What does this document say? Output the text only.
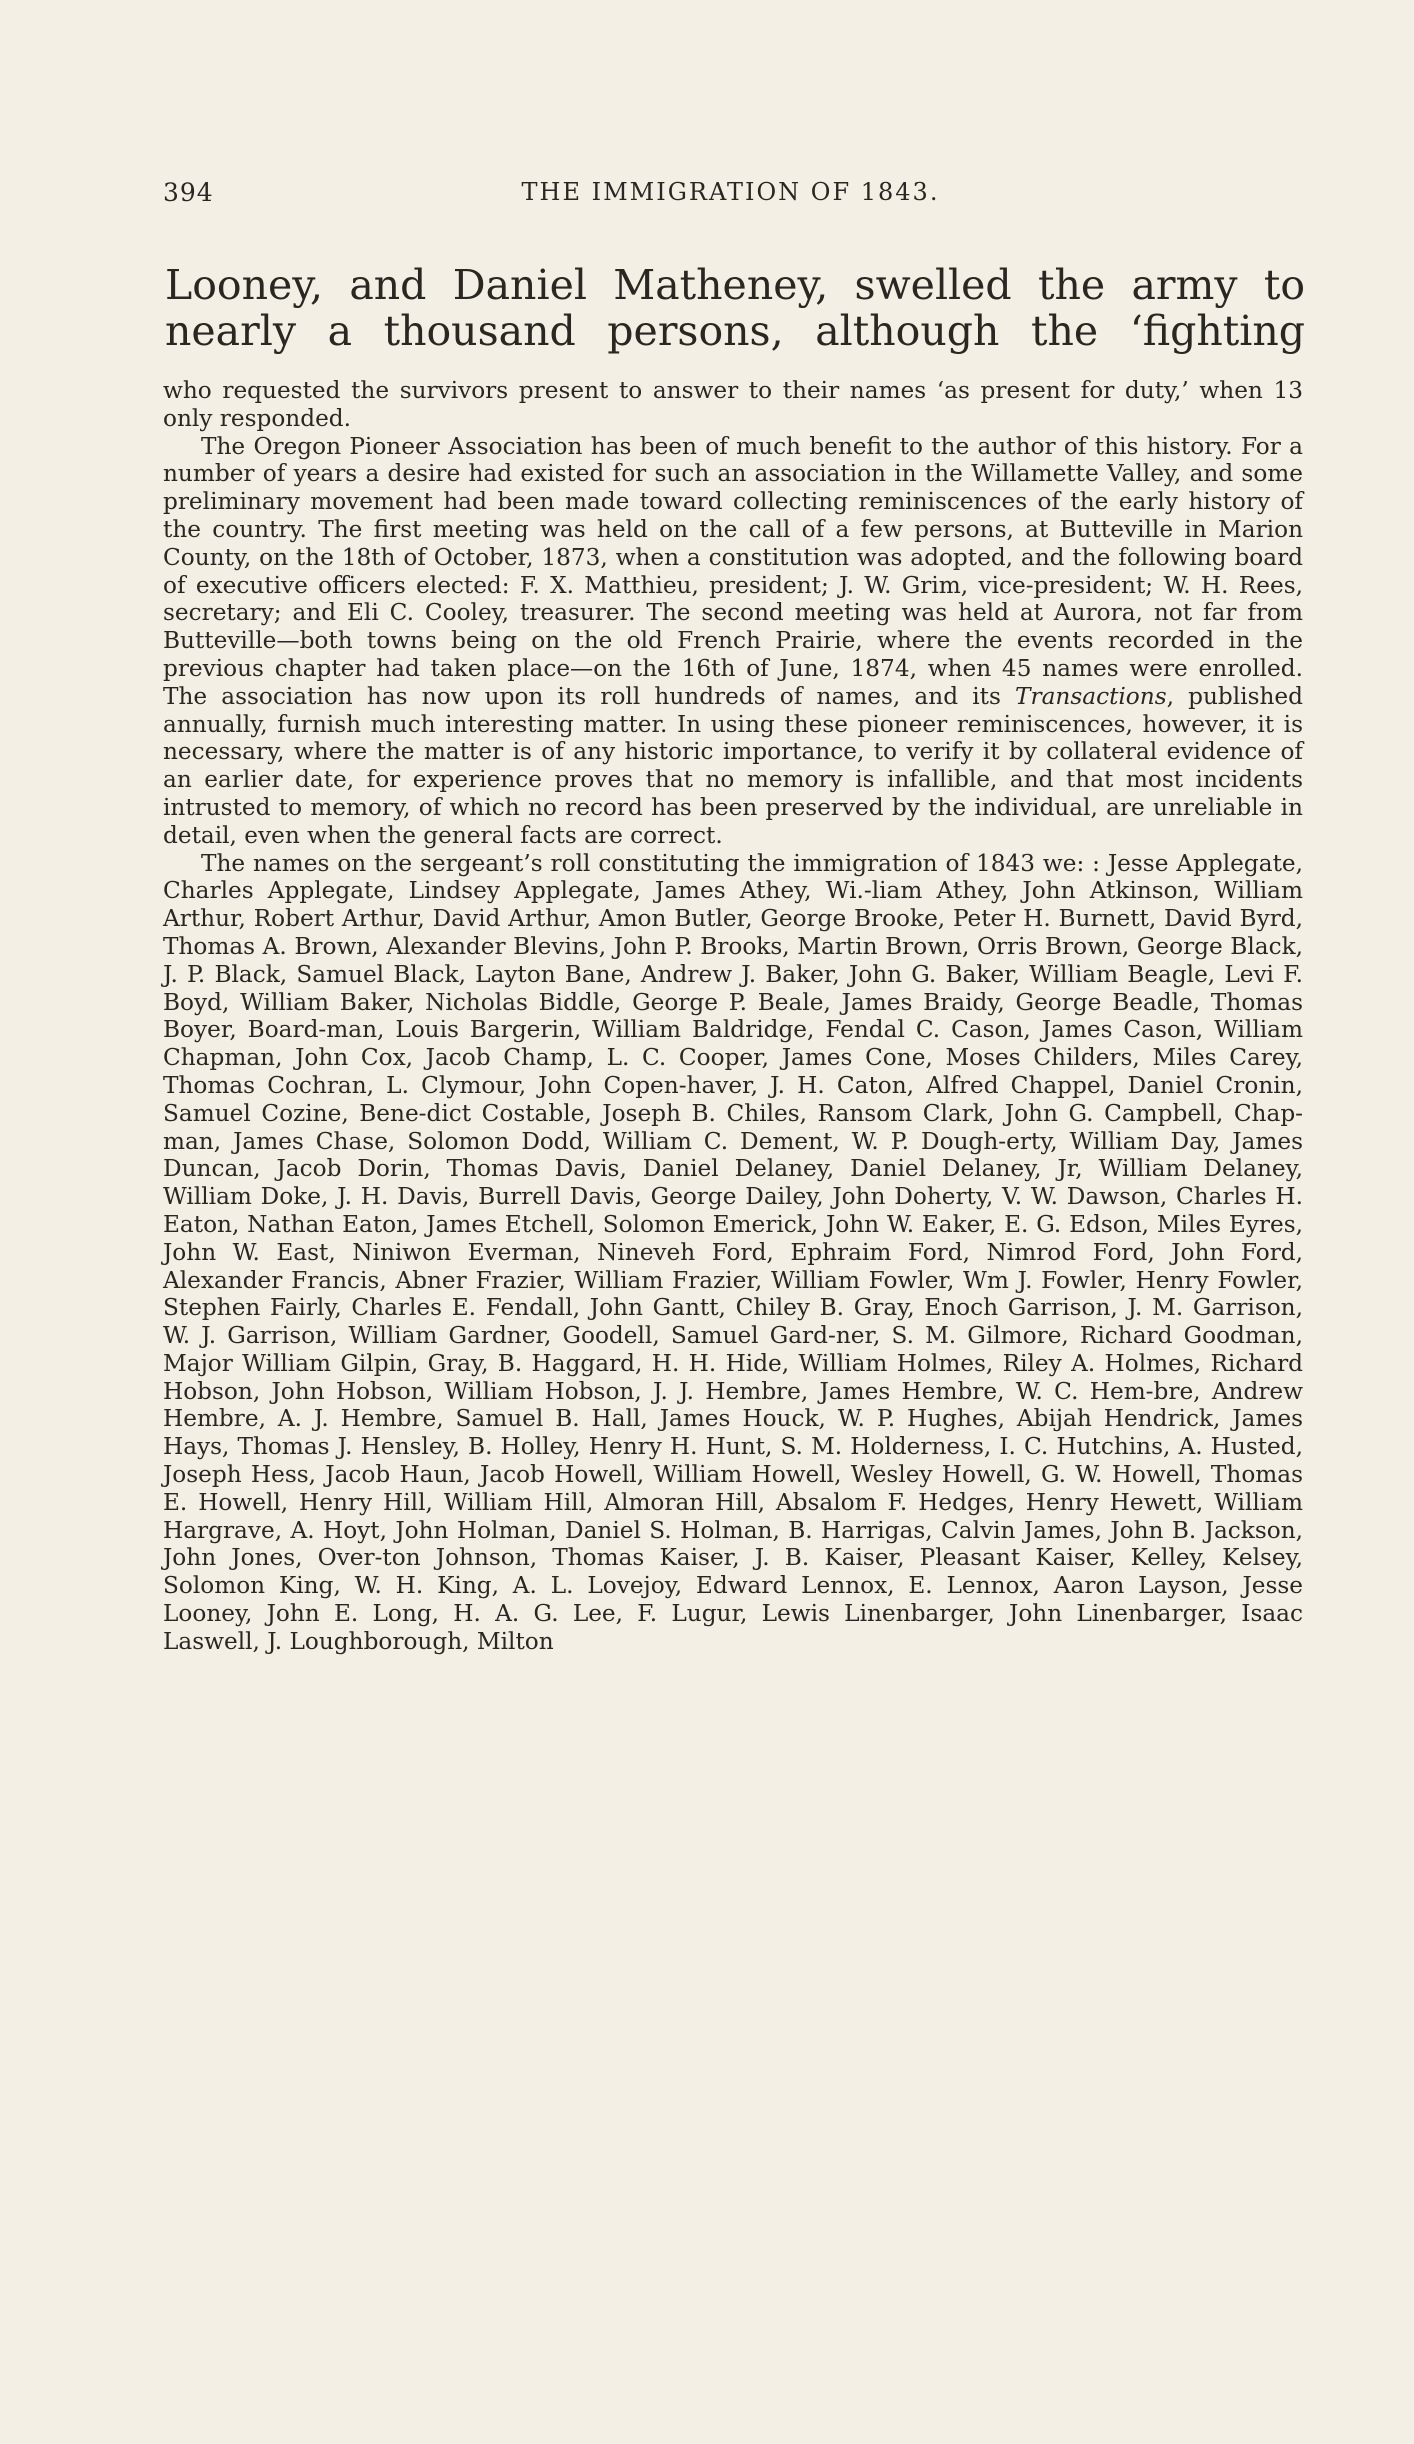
394	THE IMMIGRATION OF 1843.
Looney, and Daniel Matheney, swelled the army to
nearly a thousand persons, although the ‘fighting

who requested the survivors present to answer to their names ‘as present for duty,’ when 13 only responded.

The Oregon Pioneer Association has been of much benefit to the author of this history. For a number of years a desire had existed for such an association in the Willamette Valley, and some preliminary movement had been made toward collecting reminiscences of the early history of the country. The first meeting was held on the call of a few persons, at Butteville in Marion County, on the 18th of October, 1873, when a constitution was adopted, and the following board of executive officers elected: F. X. Matthieu, president; J. W. Grim, vice-president; W. H. Rees, secretary; and Eli C. Cooley, treasurer. The second meeting was held at Aurora, not far from Butteville—both towns being on the old French Prairie, where the events recorded in the previous chapter had taken place—on the 16th of June, 1874, when 45 names were enrolled. The association has now upon its roll hundreds of names, and its Transactions, published annually, furnish much interesting matter. In using these pioneer reminiscences, however, it is necessary, where the matter is of any historic importance, to verify it by collateral evidence of an earlier date, for experience proves that no memory is infallible, and that most incidents intrusted to memory, of which no record has been preserved by the individual, are unreliable in detail, even when the general facts are correct.

The names on the sergeant’s roll constituting the immigration of 1843 we: : Jesse Applegate, Charles Applegate, Lindsey Applegate, James Athey, Wi.-liam Athey, John Atkinson, William Arthur, Robert Arthur, David Arthur, Amon Butler, George Brooke, Peter H. Burnett, David Byrd, Thomas A. Brown, Alexander Blevins, John P. Brooks, Martin Brown, Orris Brown, George Black, J. P. Black, Samuel Black, Layton Bane, Andrew J. Baker, John G. Baker, William Beagle, Levi F. Boyd, William Baker, Nicholas Biddle, George P. Beale, James Braidy, George Beadle, Thomas Boyer, Board-man, Louis Bargerin, William Baldridge, Fendal C. Cason, James Cason, William Chapman, John Cox, Jacob Champ, L. C. Cooper, James Cone, Moses Childers, Miles Carey, Thomas Cochran, L. Clymour, John Copen-haver, J. H. Caton, Alfred Chappel, Daniel Cronin, Samuel Cozine, Bene-dict Costable, Joseph B. Chiles, Ransom Clark, John G. Campbell, Chap-man, James Chase, Solomon Dodd, William C. Dement, W. P. Dough-erty, William Day, James Duncan, Jacob Dorin, Thomas Davis, Daniel Delaney, Daniel Delaney, Jr, William Delaney, William Doke, J. H. Davis, Burrell Davis, George Dailey, John Doherty, V. W. Dawson, Charles H. Eaton, Nathan Eaton, James Etchell, Solomon Emerick, John W. Eaker, E. G. Edson, Miles Eyres, John W. East, Niniwon Everman, Nineveh Ford, Ephraim Ford, Nimrod Ford, John Ford, Alexander Francis, Abner Frazier, William Frazier, William Fowler, Wm J. Fowler, Henry Fowler, Stephen Fairly, Charles E. Fendall, John Gantt, Chiley B. Gray, Enoch Garrison, J. M. Garrison, W. J. Garrison, William Gardner, Goodell, Samuel Gard-ner, S. M. Gilmore, Richard Goodman, Major William Gilpin, Gray, B. Haggard, H. H. Hide, William Holmes, Riley A. Holmes, Richard Hobson, John Hobson, William Hobson, J. J. Hembre, James Hembre, W. C. Hem-bre, Andrew Hembre, A. J. Hembre, Samuel B. Hall, James Houck, W. P. Hughes, Abijah Hendrick, James Hays, Thomas J. Hensley, B. Holley, Henry H. Hunt, S. M. Holderness, I. C. Hutchins, A. Husted, Joseph Hess, Jacob Haun, Jacob Howell, William Howell, Wesley Howell, G. W. Howell, Thomas E. Howell, Henry Hill, William Hill, Almoran Hill, Absalom F. Hedges, Henry Hewett, William Hargrave, A. Hoyt, John Holman, Daniel S. Holman, B. Harrigas, Calvin James, John B. Jackson, John Jones, Over-ton Johnson, Thomas Kaiser, J. B. Kaiser, Pleasant Kaiser, Kelley, Kelsey, Solomon King, W. H. King, A. L. Lovejoy, Edward Lennox, E. Lennox, Aaron Layson, Jesse Looney, John E. Long, H. A. G. Lee, F. Lugur, Lewis Linenbarger, John Linenbarger, Isaac Laswell, J. Loughborough, Milton
